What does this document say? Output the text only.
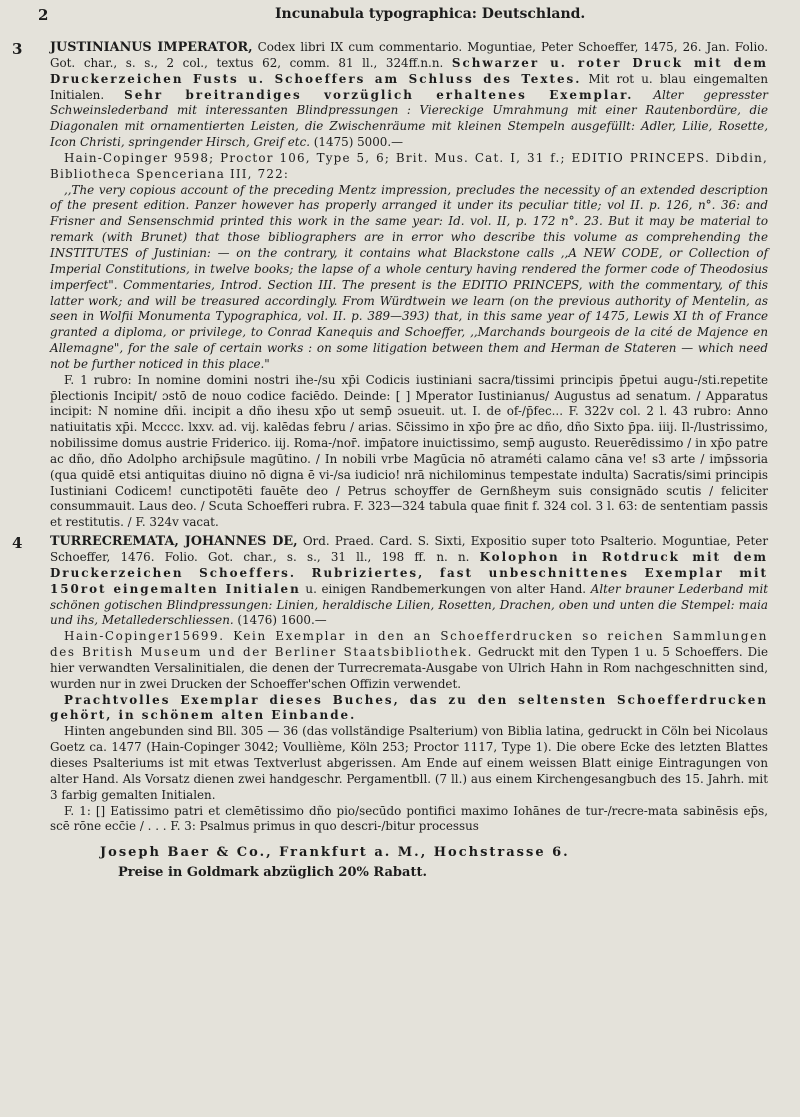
2	Incunabula typographica: Deutschland.
3 JUSTINIANUS IMPERATOR, Codex libri IX cum commentario. Moguntiae, Peter Schoeffer, 1475, 26. Jan. Folio. Got. char., s. s., 2 col., textus 62, comm. 81 ll., 324ff.n.n. Schwarzer u. roter Druck mit dem Druckerzeichen Fusts u. Schoeffers am Schluss des Textes. Mit rot u. blau eingemalten Initialen. Sehr breitrandiges vorzüglich erhaltenes Exemplar. Alter gepresster Schweinslederband mit interessanten Blindpressungen : Viereckige Umrahmung mit einer Rautenbordüre, die Diagonalen mit ornamentierten Leisten, die Zwischenräume mit kleinen Stempeln ausgefüllt: Adler, Lilie, Rosette, Icon Christi, springender Hirsch, Greif etc. (1475) 5000.—

Hain-Copinger 9598; Proctor 106, Type 5, 6; Brit. Mus. Cat. I, 31 f.; EDITIO PRINCEPS. Dibdin, Bibliotheca Spenceriana III, 722:

,,The very copious account of the preceding Mentz impression, precludes the necessity of an extended description of the present edition. Panzer however has properly arranged it under its peculiar title; vol II. p. 126, n°. 36: and Frisner and Sensenschmid printed this work in the same year: Id. vol. II, p. 172 n°. 23. But it may be material to remark (with Brunet) that those bibliographers are in error who describe this volume as comprehending the INSTITUTES of Justinian: — on the contrary, it contains what Blackstone calls ,,A NEW CODE, or Collection of Imperial Constitutions, in twelve books; the lapse of a whole century having rendered the former code of Theodosius imperfect". Commentaries, Introd. Section III. The present is the EDITIO PRINCEPS, with the commentary, of this latter work; and will be treasured accordingly. From Würdtwein we learn (on the previous authority of Mentelin, as seen in Wolfii Monumenta Typographica, vol. II. p. 389—393) that, in this same year of 1475, Lewis XI th of France granted a diploma, or privilege, to Conrad Kanequis and Schoeffer, ,,Marchands bourgeois de la cité de Majence en Allemagne", for the sale of certain works : on some litigation between them and Herman de Stateren — which need not be further noticed in this place."

F. 1 rubro: In nomine domini nostri ihe-/su xp̄i Codicis iustiniani sacra/tissimi principis p̄petui augu-/sti.repetite p̄lectionis Incipit/ ɔstō de nouo codice faciēdo. Deinde: [ ] Mperator Iustinianus/ Augustus ad senatum. / Apparatus incipit: N nomine dñi. incipit a dño ihesu xp̄o ut semp̄ ɔsueuit. ut. I. de of-/p̄fec... F. 322v col. 2 l. 43 rubro: Anno natiuitatis xp̄i. Mcccc. lxxv. ad. vij. kalēdas febru / arias. Sc̄issimo in xp̄o p̄re ac dño, dño Sixto p̄pa. iiij. Il-/lustrissimo, nobilissime domus austrie Friderico. iij. Roma-/nor̄. imp̄atore inuictissimo, semp̄ augusto. Reuerēdissimo / in xp̄o patre ac dño, dño Adolpho archip̄sule magūtino. / In nobili vrbe Magūcia nō atraméti calamo cāna ve! s3 arte / imp̄ssoria (qua quidē etsi antiquitas diuino nō digna ē vi-/sa iudicio! nrā nichilominus tempestate indulta) Sacratis/simi principis Iustiniani Codicem! cunctipotēti fauēte deo / Petrus schoyffer de Gernßheym suis consignādo scutis / feliciter consummauit. Laus deo. / Scuta Schoefferi rubra. F. 323—324 tabula quae finit f. 324 col. 3 l. 63: de sententiam passis et restitutis. / F. 324v vacat.

4 TURRECREMATA, JOHANNES DE, Ord. Praed. Card. S. Sixti, Expositio super toto Psalterio. Moguntiae, Peter Schoeffer, 1476. Folio. Got. char., s. s., 31 ll., 198 ff. n. n. Kolophon in Rotdruck mit dem Druckerzeichen Schoeffers. Rubriziertes, fast unbeschnittenes Exemplar mit 150rot eingemalten Initialen u. einigen Randbemerkungen von alter Hand. Alter brauner Lederband mit schönen gotischen Blindpressungen: Linien, heraldische Lilien, Rosetten, Drachen, oben und unten die Stempel: maia und ihs, Metallederschliessen. (1476) 1600.—

Hain-Copinger15699. Kein Exemplar in den an Schoefferdrucken so reichen Sammlungen des British Museum und der Berliner Staatsbibliothek. Gedruckt mit den Typen 1 u. 5 Schoeffers. Die hier verwandten Versalinitialen, die denen der Turrecremata-Ausgabe von Ulrich Hahn in Rom nachgeschnitten sind, wurden nur in zwei Drucken der Schoeffer'schen Offizin verwendet.

Prachtvolles Exemplar dieses Buches, das zu den seltensten Schoefferdrucken gehört, in schönem alten Einbande.

Hinten angebunden sind Bll. 305 — 36 (das vollständige Psalterium) von Biblia latina, gedruckt in Cöln bei Nicolaus Goetz ca. 1477 (Hain-Copinger 3042; Voullième, Köln 253; Proctor 1117, Type 1). Die obere Ecke des letzten Blattes dieses Psalteriums ist mit etwas Textverlust abgerissen. Am Ende auf einem weissen Blatt einige Eintragungen von alter Hand. Als Vorsatz dienen zwei handgeschr. Pergamentbll. (7 ll.) aus einem Kirchengesangbuch des 15. Jahrh. mit 3 farbig gemalten Initialen.

F. 1: [] Eatissimo patri et clemētissimo dño pio/secūdo pontifici maximo Iohānes de tur-/recre-mata sabinēsis ep̄s, scē rōne ecc̄ie / . . . F. 3: Psalmus primus in quo descri-/bitur processus

Joseph Baer & Co., Frankfurt a. M., Hochstrasse 6.
Preise in Goldmark abzüglich 20% Rabatt.
